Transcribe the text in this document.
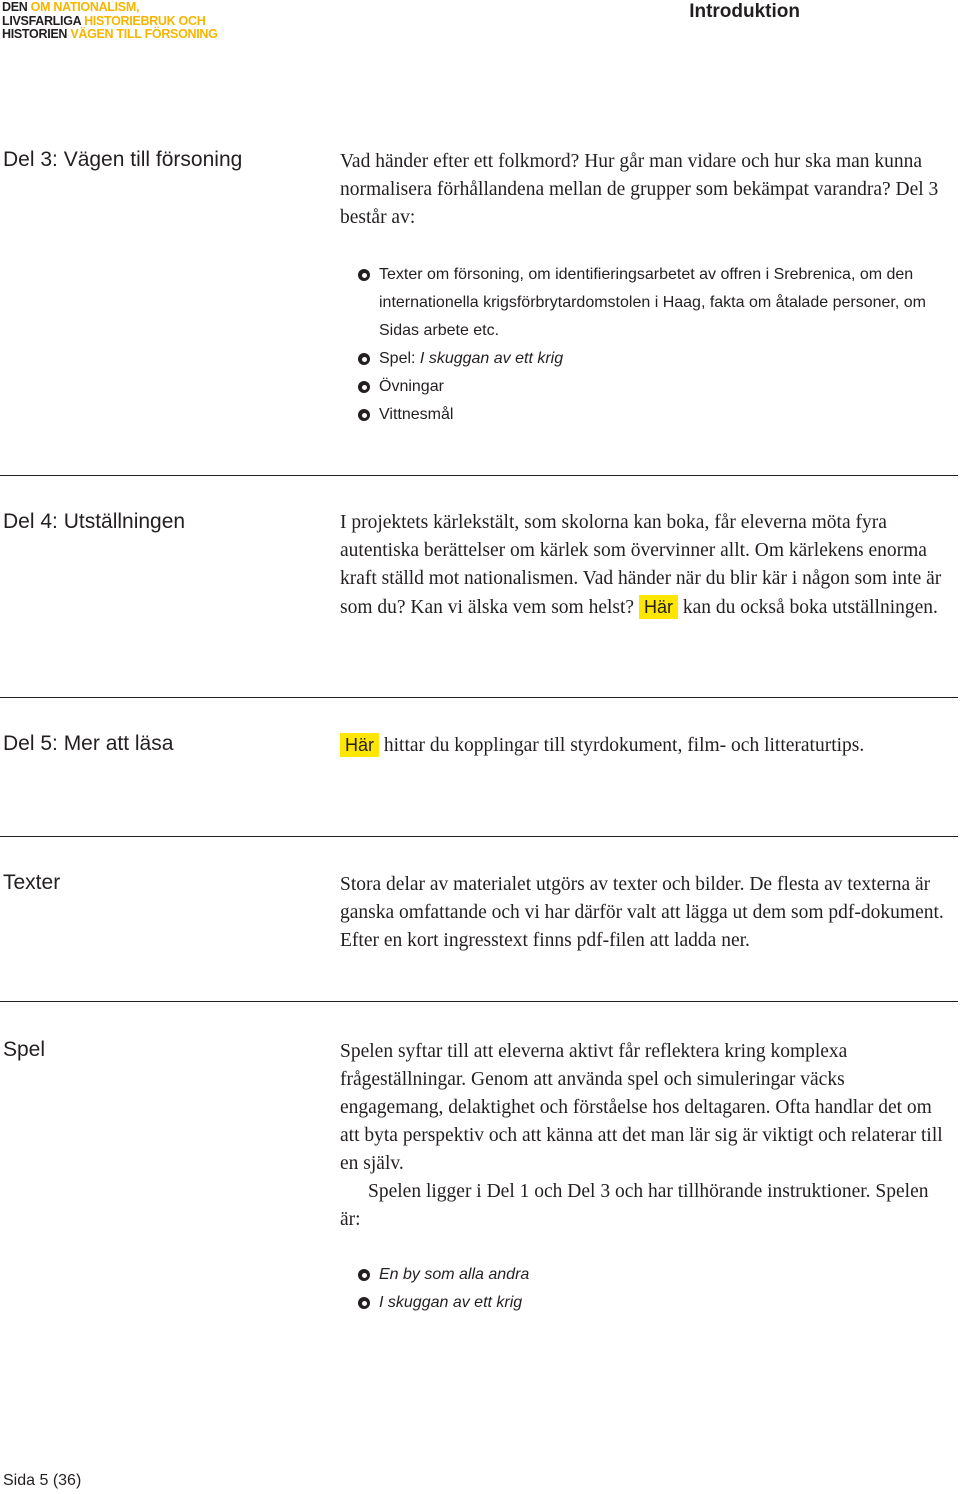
DEN OM NATIONALISM,
LIVSFARLIGA HISTORIEBRUK OCH
HISTORIEN VÄGEN TILL FÖRSONING
Introduktion
Del 3: Vägen till försoning	Vad händer efter ett folkmord? Hur går man vidare och hur ska man kunna normalisera förhållandena mellan de grupper som bekämpat varandra? Del 3 består av:

Texter om försoning, om identifieringsarbetet av offren i Srebrenica, om den internationella krigsförbrytardomstolen i Haag, fakta om åtalade personer, om Sidas arbete etc.
Spel: I skuggan av ett krig
Övningar
Vittnesmål
Del 4: Utställningen	I projektets kärlekstält, som skolorna kan boka, får eleverna möta fyra autentiska berättelser om kärlek som övervinner allt. Om kärlekens enorma kraft ställd mot nationalismen. Vad händer när du blir kär i någon som inte är som du? Kan vi älska vem som helst? Här kan du också boka utställningen.

Del 5: Mer att läsa	Här hittar du kopplingar till styrdokument, film- och litteraturtips.

Texter	Stora delar av materialet utgörs av texter och bilder. De flesta av texterna är ganska omfattande och vi har därför valt att lägga ut dem som pdf-dokument. Efter en kort ingresstext finns pdf-filen att ladda ner.

Spel	Spelen syftar till att eleverna aktivt får reflektera kring komplexa frågeställningar. Genom att använda spel och simuleringar väcks engagemang, delaktighet och förståelse hos deltagaren. Ofta handlar det om att byta perspektiv och att känna att det man lär sig är viktigt och relaterar till en själv.

Spelen ligger i Del 1 och Del 3 och har tillhörande instruktioner. Spelen är:

En by som alla andra
I skuggan av ett krig
Sida 5 (36)
